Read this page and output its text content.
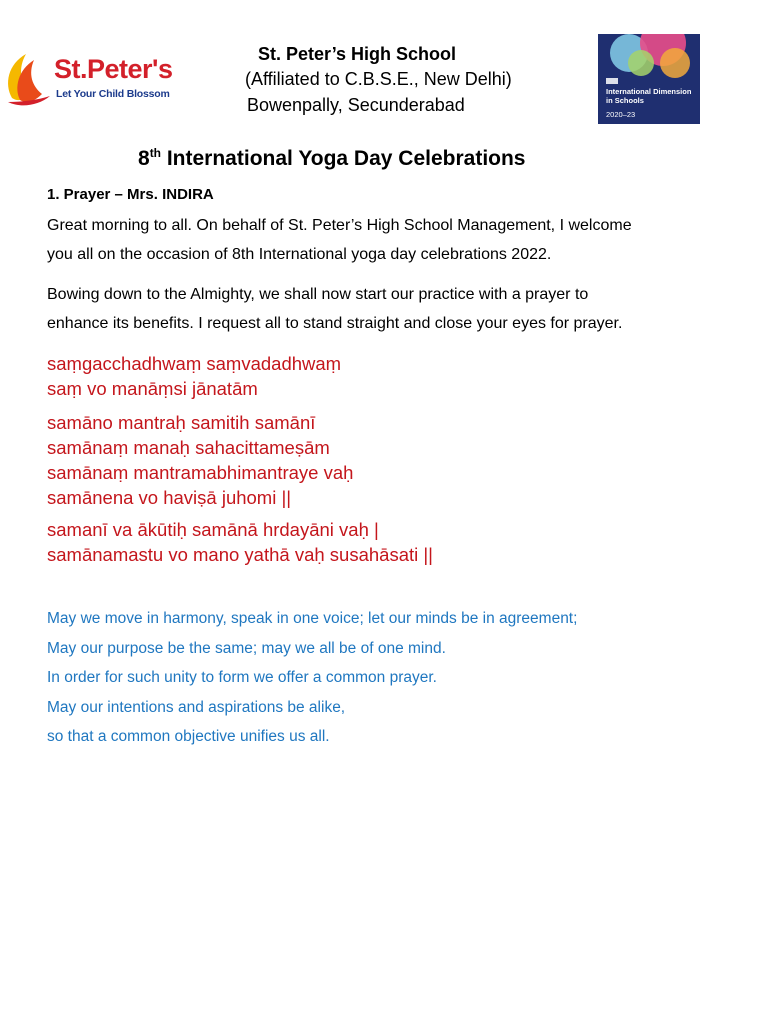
St.Peter's
Let Your Child Blossom
St. Peter’s High School
(Affiliated to C.B.S.E., New Delhi)
Bowenpally, Secunderabad
International Dimension in Schools
2020–23
8th International Yoga Day Celebrations
1. Prayer – Mrs. INDIRA
Great morning to all. On behalf of St. Peter’s High School Management, I welcome
you all on the occasion of 8th International yoga day celebrations 2022.
Bowing down to the Almighty, we shall now start our practice with a prayer to
enhance its benefits. I request all to stand straight and close your eyes for prayer.
saṃgacchadhwaṃ saṃvadadhwaṃ
saṃ vo manāṃsi jānatām
samāno mantraḥ samitih samānī
samānaṃ manaḥ sahacittameṣām
samānaṃ mantramabhimantraye vaḥ
samānena vo haviṣā juhomi ||
samanī va ākūtiḥ samānā hrdayāni vaḥ |
samānamastu vo mano yathā vaḥ susahāsati ||
May we move in harmony, speak in one voice; let our minds be in agreement;
May our purpose be the same; may we all be of one mind.
In order for such unity to form we offer a common prayer.
May our intentions and aspirations be alike,
so that a common objective unifies us all.
